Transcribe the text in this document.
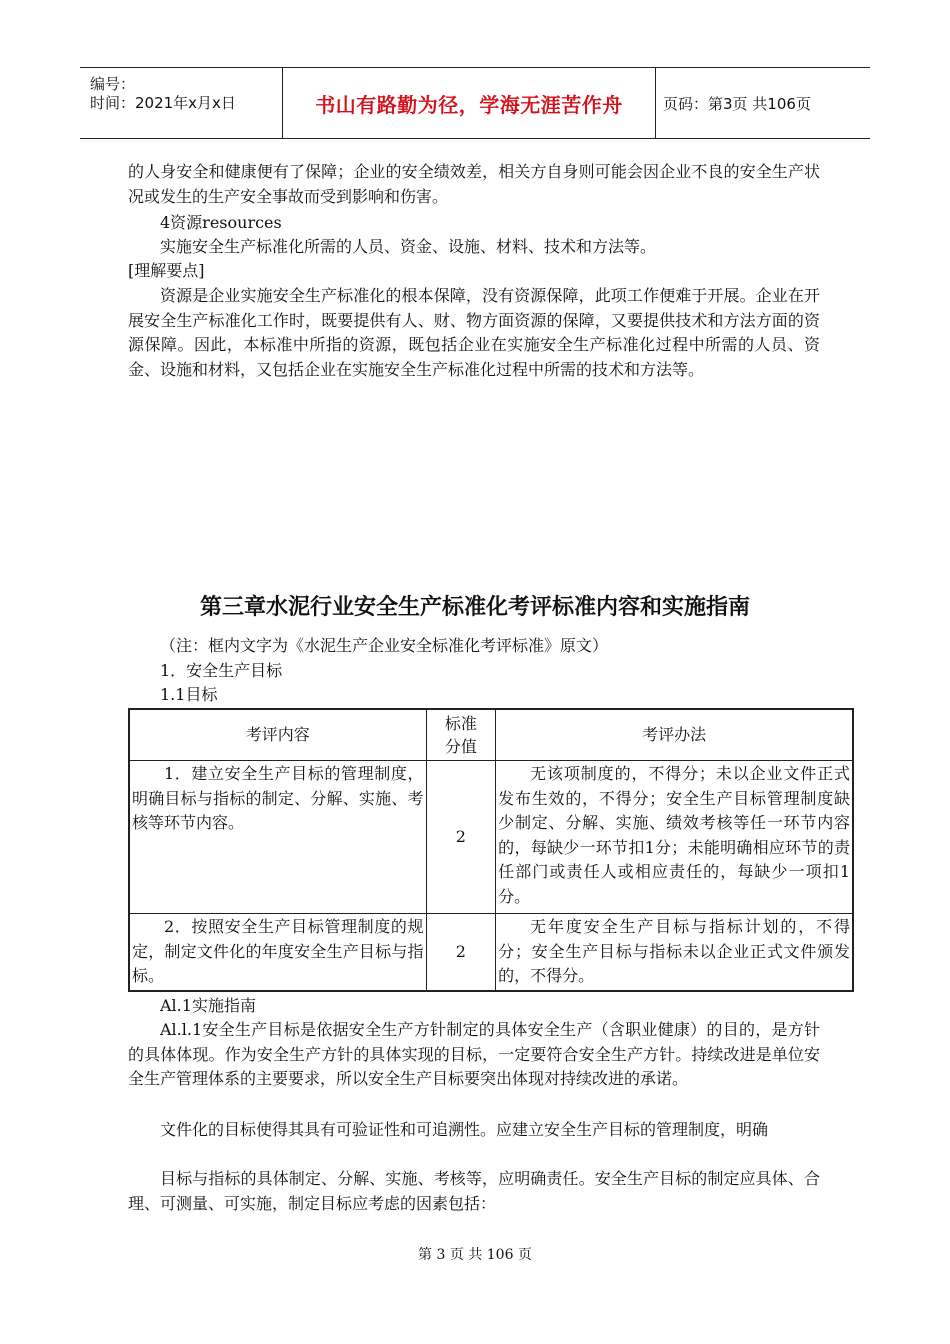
编号：
时间：2021年x月x日	书山有路勤为径，学海无涯苦作舟	页码：第3页 共106页
的人身安全和健康便有了保障；企业的安全绩效差，相关方自身则可能会因企业不良的安全生产状况或发生的生产安全事故而受到影响和伤害。
4资源resources
实施安全生产标准化所需的人员、资金、设施、材料、技术和方法等。
[理解要点]
资源是企业实施安全生产标准化的根本保障，没有资源保障，此项工作便难于开展。企业在开展安全生产标准化工作时，既要提供有人、财、物方面资源的保障，又要提供技术和方法方面的资源保障。因此，本标准中所指的资源，既包括企业在实施安全生产标准化过程中所需的人员、资金、设施和材料，又包括企业在实施安全生产标准化过程中所需的技术和方法等。
第三章水泥行业安全生产标准化考评标准内容和实施指南
（注：框内文字为《水泥生产企业安全标准化考评标准》原文）
1．安全生产目标
1.1目标
考评内容	标准分值	考评办法

1．建立安全生产目标的管理制度，明确目标与指标的制定、分解、实施、考核等环节内容。	2	无该项制度的，不得分；未以企业文件正式发布生效的，不得分；安全生产目标管理制度缺少制定、分解、实施、绩效考核等任一环节内容的，每缺少一环节扣1分；未能明确相应环节的责任部门或责任人或相应责任的，每缺少一项扣1分。

2．按照安全生产目标管理制度的规定，制定文件化的年度安全生产目标与指标。	2	无年度安全生产目标与指标计划的，不得分；安全生产目标与指标未以企业正式文件颁发的，不得分。
Al.1实施指南
Al.l.1安全生产目标是依据安全生产方针制定的具体安全生产（含职业健康）的目的，是方针的具体体现。作为安全生产方针的具体实现的目标，一定要符合安全生产方针。持续改进是单位安全生产管理体系的主要要求，所以安全生产目标要突出体现对持续改进的承诺。
文件化的目标使得其具有可验证性和可追溯性。应建立安全生产目标的管理制度，明确
目标与指标的具体制定、分解、实施、考核等，应明确责任。安全生产目标的制定应具体、合理、可测量、可实施，制定目标应考虑的因素包括：
第 3 页 共 106 页
